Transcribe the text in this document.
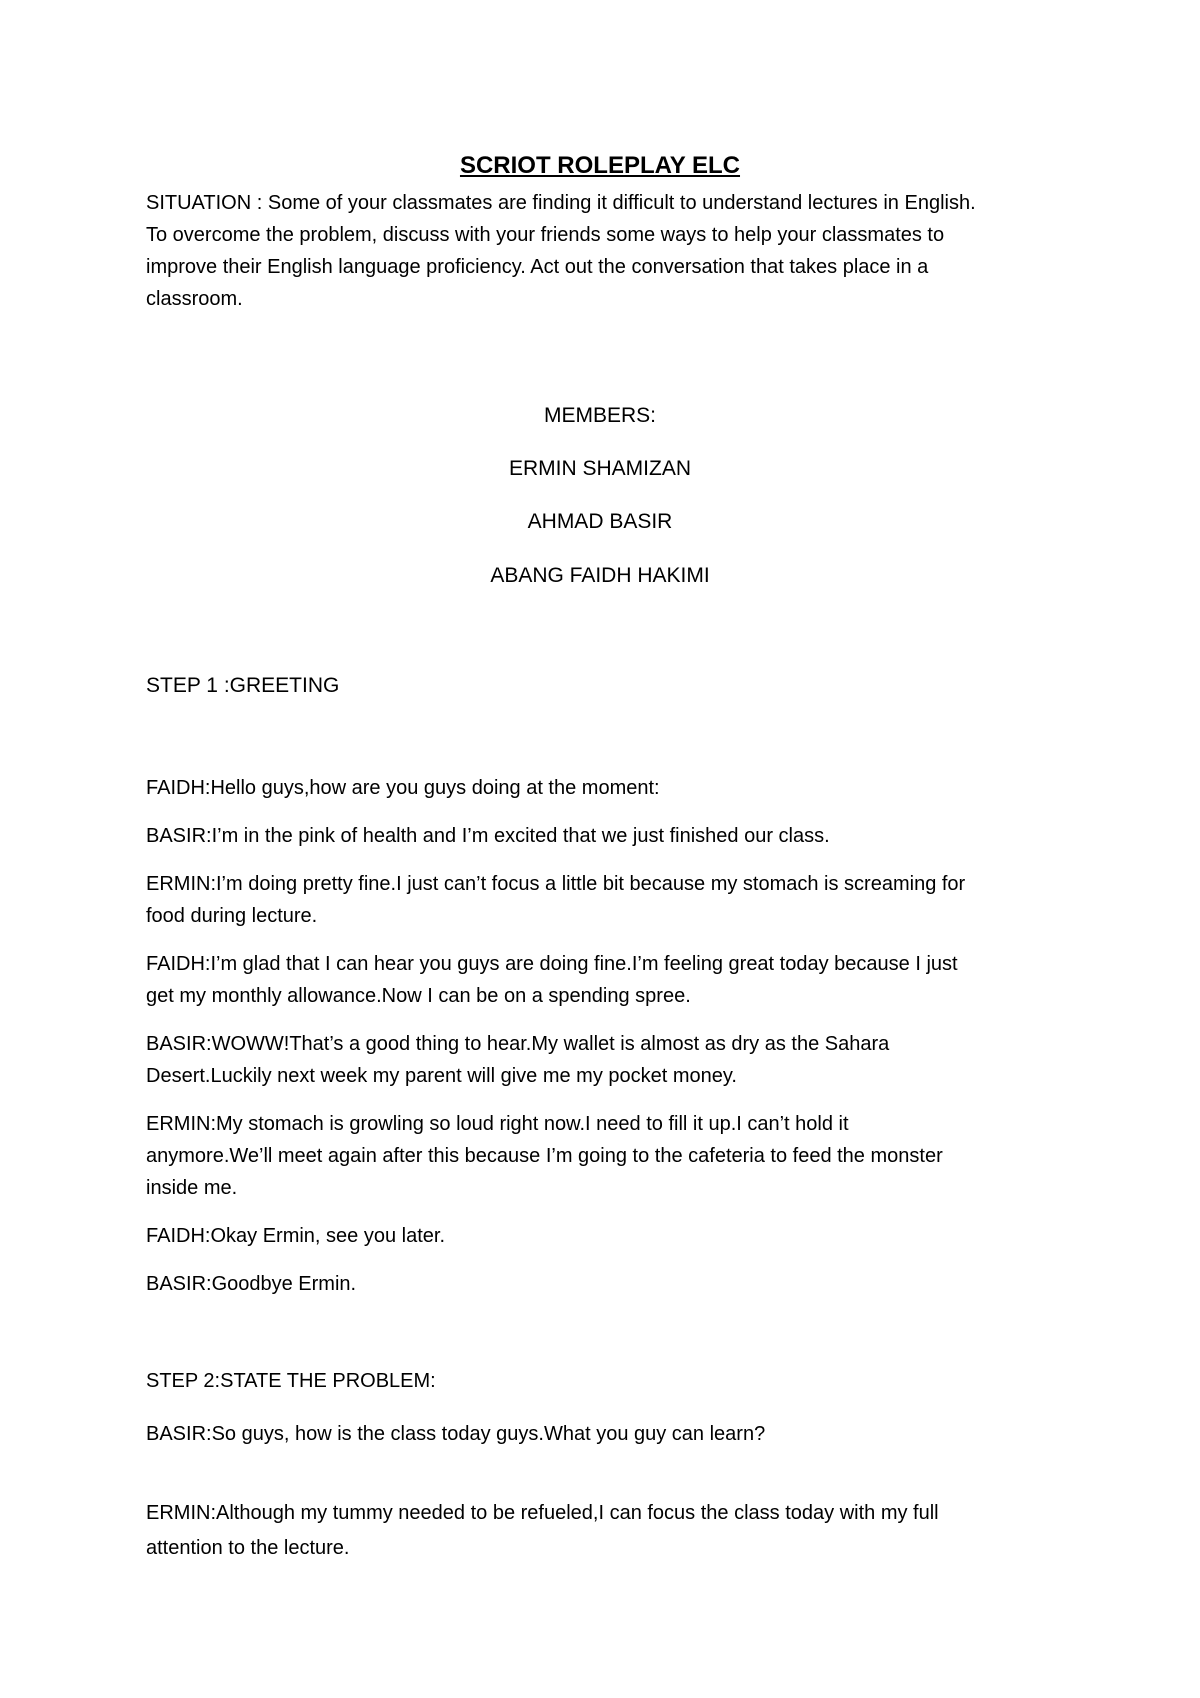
SCRIOT ROLEPLAY ELC

SITUATION : Some of your classmates are finding it difficult to understand lectures in English.

To overcome the problem, discuss with your friends some ways to help your classmates to

improve their English language proficiency. Act out the conversation that takes place in a

classroom.

MEMBERS:

ERMIN SHAMIZAN

AHMAD BASIR

ABANG FAIDH HAKIMI

STEP 1 :GREETING

FAIDH:Hello guys,how are you guys doing at the moment:

BASIR:I’m in the pink of health and I’m excited that we just finished our class.

ERMIN:I’m doing pretty fine.I just can’t focus a little bit because my stomach is screaming for

food during lecture.

FAIDH:I’m glad that I can hear you guys are doing fine.I’m feeling great today because I just

get my monthly allowance.Now I can be on a spending spree.

BASIR:WOWW!That’s a good thing to hear.My wallet is almost as dry as the Sahara

Desert.Luckily next week my parent will give me my pocket money.

ERMIN:My stomach is growling so loud right now.I need to fill it up.I can’t hold it

anymore.We’ll meet again after this because I’m going to the cafeteria to feed the monster

inside me.

FAIDH:Okay Ermin, see you later.

BASIR:Goodbye Ermin.

STEP 2:STATE THE PROBLEM:

BASIR:So guys, how is the class today guys.What you guy can learn?

ERMIN:Although my tummy needed to be refueled,I can focus the class today with my full

attention to the lecture.
